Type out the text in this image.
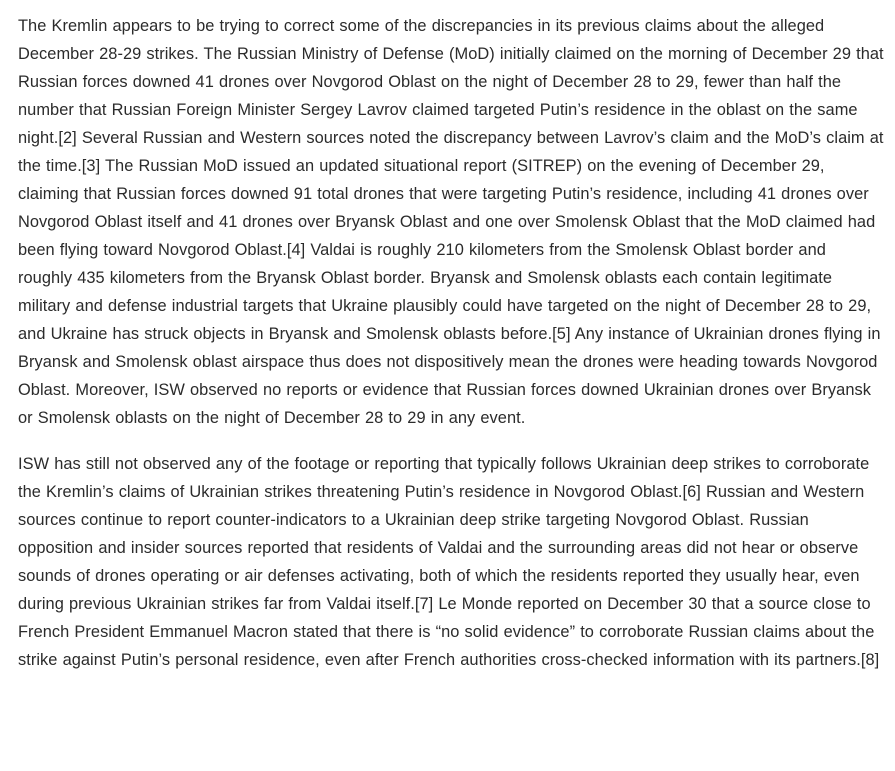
The Kremlin appears to be trying to correct some of the discrepancies in its previous claims about the alleged December 28-29 strikes. The Russian Ministry of Defense (MoD) initially claimed on the morning of December 29 that Russian forces downed 41 drones over Novgorod Oblast on the night of December 28 to 29, fewer than half the number that Russian Foreign Minister Sergey Lavrov claimed targeted Putin’s residence in the oblast on the same night.[2] Several Russian and Western sources noted the discrepancy between Lavrov’s claim and the MoD’s claim at the time.[3] The Russian MoD issued an updated situational report (SITREP) on the evening of December 29, claiming that Russian forces downed 91 total drones that were targeting Putin’s residence, including 41 drones over Novgorod Oblast itself and 41 drones over Bryansk Oblast and one over Smolensk Oblast that the MoD claimed had been flying toward Novgorod Oblast.[4] Valdai is roughly 210 kilometers from the Smolensk Oblast border and roughly 435 kilometers from the Bryansk Oblast border. Bryansk and Smolensk oblasts each contain legitimate military and defense industrial targets that Ukraine plausibly could have targeted on the night of December 28 to 29, and Ukraine has struck objects in Bryansk and Smolensk oblasts before.[5] Any instance of Ukrainian drones flying in Bryansk and Smolensk oblast airspace thus does not dispositively mean the drones were heading towards Novgorod Oblast. Moreover, ISW observed no reports or evidence that Russian forces downed Ukrainian drones over Bryansk or Smolensk oblasts on the night of December 28 to 29 in any event.

ISW has still not observed any of the footage or reporting that typically follows Ukrainian deep strikes to corroborate the Kremlin’s claims of Ukrainian strikes threatening Putin’s residence in Novgorod Oblast.[6] Russian and Western sources continue to report counter-indicators to a Ukrainian deep strike targeting Novgorod Oblast. Russian opposition and insider sources reported that residents of Valdai and the surrounding areas did not hear or observe sounds of drones operating or air defenses activating, both of which the residents reported they usually hear, even during previous Ukrainian strikes far from Valdai itself.[7] Le Monde reported on December 30 that a source close to French President Emmanuel Macron stated that there is “no solid evidence” to corroborate Russian claims about the strike against Putin’s personal residence, even after French authorities cross-checked information with its partners.[8]
